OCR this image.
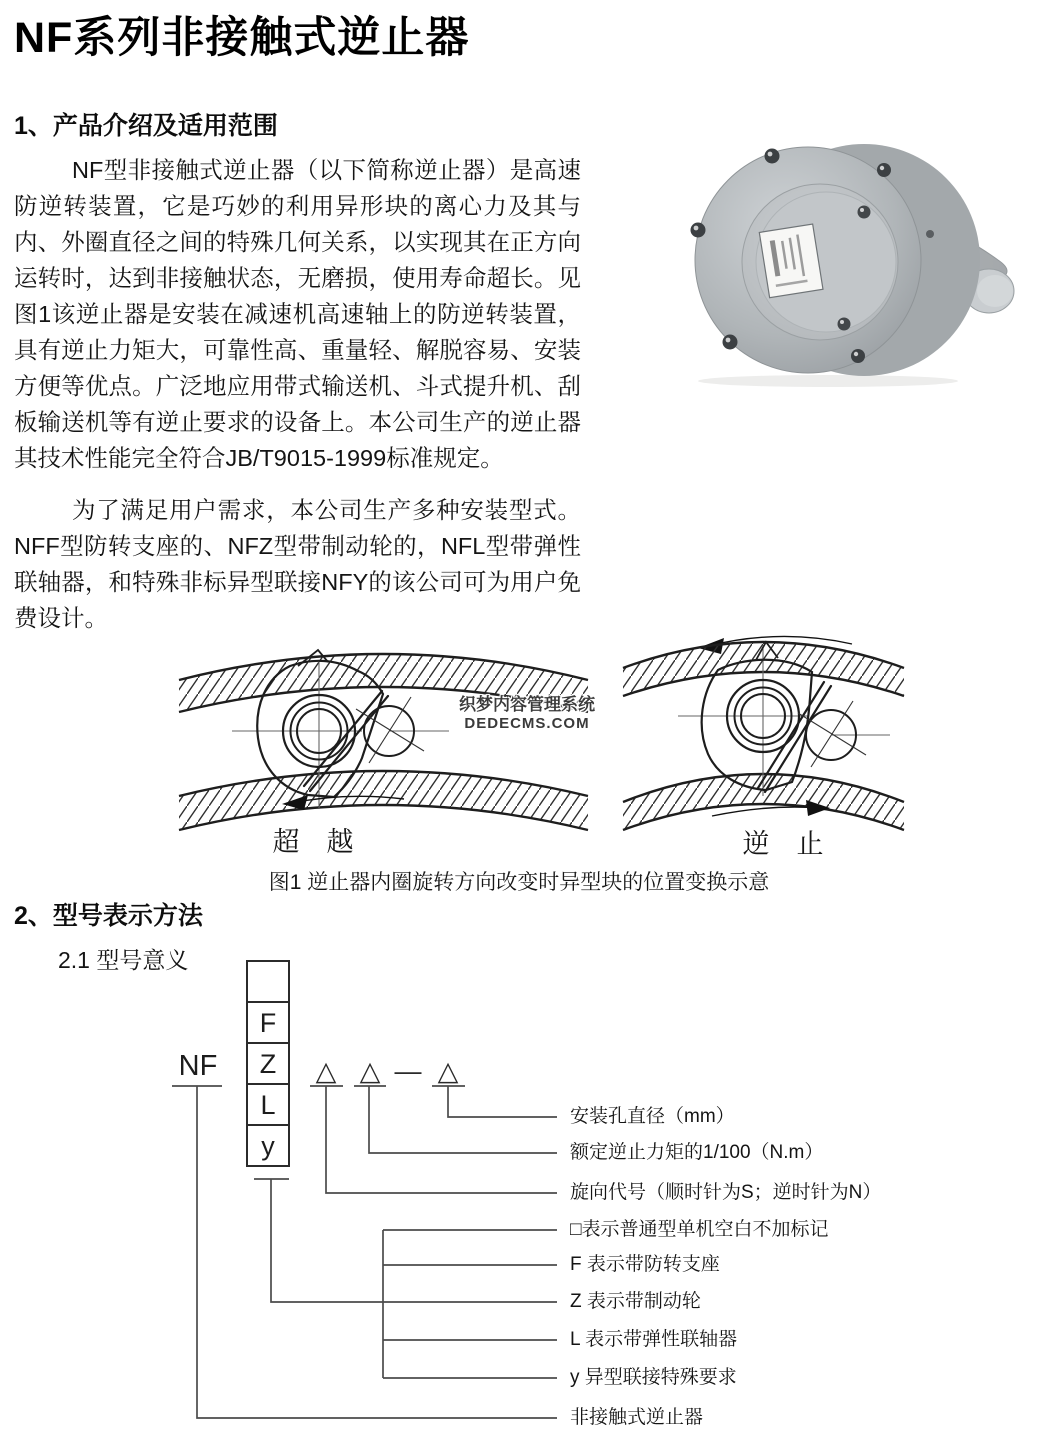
NF系列非接触式逆止器
1、产品介绍及适用范围

NF型非接触式逆止器（以下简称逆止器）是高速防逆转装置，它是巧妙的利用异形块的离心力及其与内、外圈直径之间的特殊几何关系，以实现其在正方向运转时，达到非接触状态，无磨损，使用寿命超长。见图1该逆止器是安装在减速机高速轴上的防逆转装置，具有逆止力矩大，可靠性高、重量轻、解脱容易、安装方便等优点。广泛地应用带式输送机、斗式提升机、刮板输送机等有逆止要求的设备上。本公司生产的逆止器其技术性能完全符合JB/T9015-1999标准规定。

为了满足用户需求，本公司生产多种安装型式。NFF型防转支座的、NFZ型带制动轮的，NFL型带弹性联轴器，和特殊非标异型联接NFY的该公司可为用户免费设计。

超　越	逆　止
织梦内容管理系统
DEDECMS.COM
图1 逆止器内圈旋转方向改变时异型块的位置变换示意
2、型号表示方法
2.1 型号意义
NF
F
Z
L
y
△ △ — △
安装孔直径（mm）
额定逆止力矩的1/100（N.m）
旋向代号（顺时针为S；逆时针为N）
□表示普通型单机空白不加标记
F 表示带防转支座
Z 表示带制动轮
L 表示带弹性联轴器
y 异型联接特殊要求
非接触式逆止器
